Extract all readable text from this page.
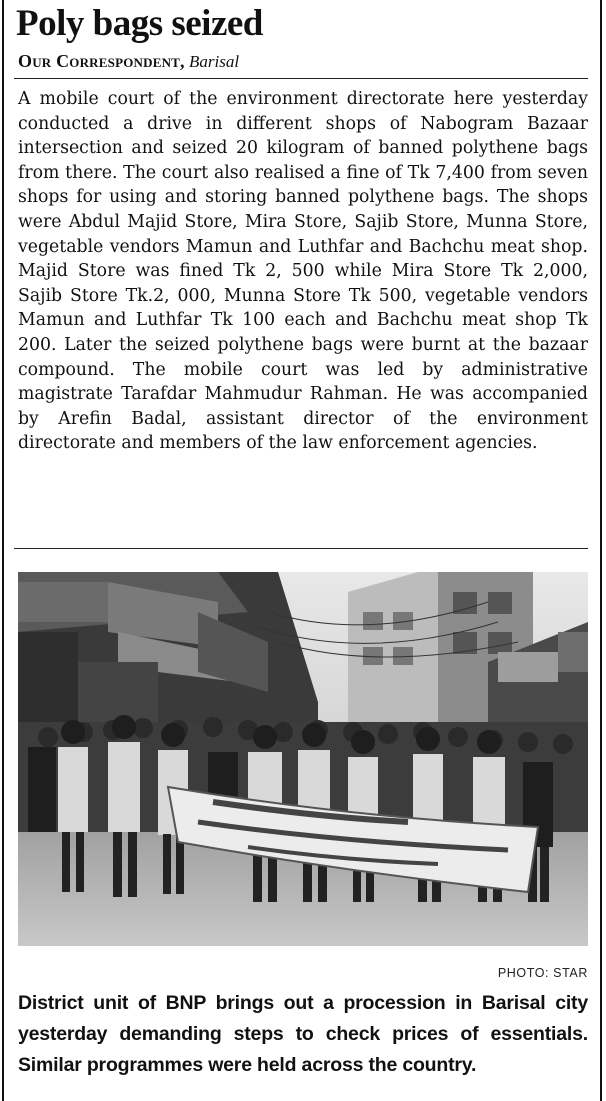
Poly bags seized
Our Correspondent, Barisal

A mobile court of the environment directorate here yesterday conducted a drive in different shops of Nabogram Bazaar intersection and seized 20 kilogram of banned polythene bags from there. The court also realised a fine of Tk 7,400 from seven shops for using and storing banned polythene bags. The shops were Abdul Majid Store, Mira Store, Sajib Store, Munna Store, vegetable vendors Mamun and Luthfar and Bachchu meat shop. Majid Store was fined Tk 2, 500 while Mira Store Tk 2,000, Sajib Store Tk.2, 000, Munna Store Tk 500, vegetable vendors Mamun and Luthfar Tk 100 each and Bachchu meat shop Tk 200. Later the seized polythene bags were burnt at the bazaar compound. The mobile court was led by administrative magistrate Tarafdar Mahmudur Rahman. He was accompanied by Arefin Badal, assistant director of the environment directorate and members of the law enforcement agencies.

PHOTO: STAR

District unit of BNP brings out a procession in Barisal city yesterday demanding steps to check prices of essentials. Similar programmes were held across the country.
